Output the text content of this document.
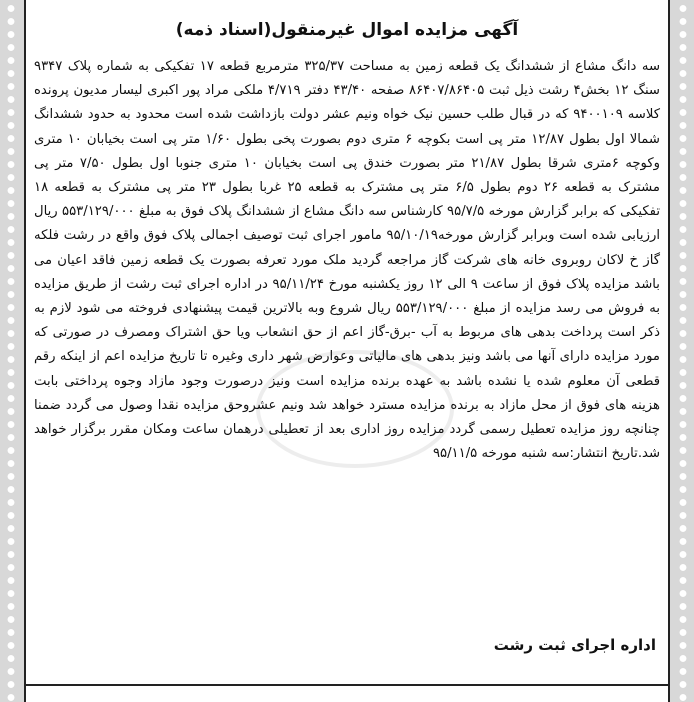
آگهی مزایده اموال غیرمنقول(اسناد ذمه)
سه دانگ مشاع از ششدانگ یک قطعه زمین به مساحت ۳۲۵/۳۷ مترمربع قطعه ۱۷ تفکیکی به شماره پلاک ۹۳۴۷ سنگ ۱۲ بخش۴ رشت ذیل ثبت ۸۶۴۰۷/۸۶۴۰۵ صفحه ۴۳/۴۰ دفتر ۴/۷۱۹ ملکی مراد پور اکبری لیسار مدیون پرونده کلاسه ۹۴۰۰۱۰۹ که در قبال طلب حسین نیک خواه ونیم عشر دولت بازداشت شده است محدود به حدود ششدانگ شمالا اول بطول ۱۲/۸۷ متر پی است بکوچه ۶ متری دوم بصورت پخی بطول ۱/۶۰ متر پی است بخیابان ۱۰ متری وکوچه ۶متری شرقا بطول ۲۱/۸۷ متر بصورت خندق پی است بخیابان ۱۰ متری جنوبا اول بطول ۷/۵۰ متر پی مشترک به قطعه ۲۶ دوم بطول ۶/۵ متر پی مشترک به قطعه ۲۵ غربا بطول ۲۳ متر پی مشترک به قطعه ۱۸ تفکیکی که برابر گزارش مورخه ۹۵/۷/۵ کارشناس سه دانگ مشاع از ششدانگ پلاک فوق به مبلغ ۵۵۳/۱۲۹/۰۰۰ ریال ارزیابی شده است وبرابر گزارش مورخه۹۵/۱۰/۱۹ مامور اجرای ثبت توصیف اجمالی پلاک فوق واقع در رشت فلکه گاز خ لاکان روبروی خانه های شرکت گاز مراجعه گردید ملک مورد تعرفه بصورت یک قطعه زمین فاقد اعیان می باشد مزایده پلاک فوق از ساعت ۹ الی ۱۲ روز یکشنبه مورخ ۹۵/۱۱/۲۴ در اداره اجرای ثبت رشت از طریق مزایده به فروش می رسد مزایده از مبلغ ۵۵۳/۱۲۹/۰۰۰ ریال شروع وبه بالاترین قیمت پیشنهادی فروخته می شود لازم به ذکر است پرداخت بدهی های مربوط به آب -برق-گاز اعم از حق انشعاب ویا حق اشتراک ومصرف در صورتی که مورد مزایده دارای آنها می باشد ونیز بدهی های مالیاتی وعوارض شهر داری وغیره تا تاریخ مزایده اعم از اینکه رقم قطعی آن معلوم شده یا نشده باشد به عهده برنده مزایده است ونیز درصورت وجود مازاد وجوه پرداختی بابت هزینه های فوق از محل مازاد به برنده مزایده مسترد خواهد شد ونیم عشروحق مزایده نقدا وصول می گردد ضمنا چنانچه روز مزایده تعطیل رسمی گردد مزایده روز اداری بعد از تعطیلی درهمان ساعت ومکان مقرر برگزار خواهد شد.تاریخ انتشار:سه شنبه مورخه ۹۵/۱۱/۵
اداره اجرای ثبت رشت
